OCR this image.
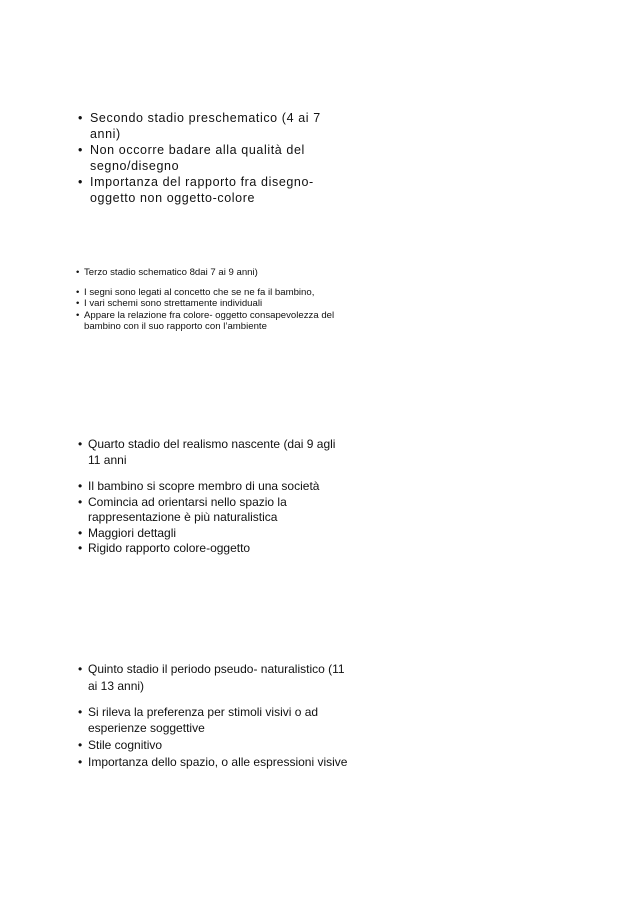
• Secondo stadio preschematico (4 ai 7 anni)
• Non occorre badare alla qualità del segno/disegno
• Importanza del rapporto fra disegno- oggetto non oggetto-colore
• Terzo stadio schematico 8dai 7 ai 9 anni)
• I segni sono legati al concetto che se ne fa il bambino,
• I vari schemi sono strettamente individuali
• Appare la relazione fra colore- oggetto consapevolezza del bambino con il suo rapporto con l’ambiente
• Quarto stadio del realismo nascente (dai 9 agli 11 anni
• Il bambino si scopre membro di una società
• Comincia ad orientarsi nello spazio la rappresentazione è più naturalistica
• Maggiori dettagli
• Rigido rapporto colore-oggetto
• Quinto stadio il periodo pseudo- naturalistico (11 ai 13 anni)
• Si rileva la preferenza per stimoli visivi o ad esperienze soggettive
• Stile cognitivo
• Importanza dello spazio, o alle espressioni visive
